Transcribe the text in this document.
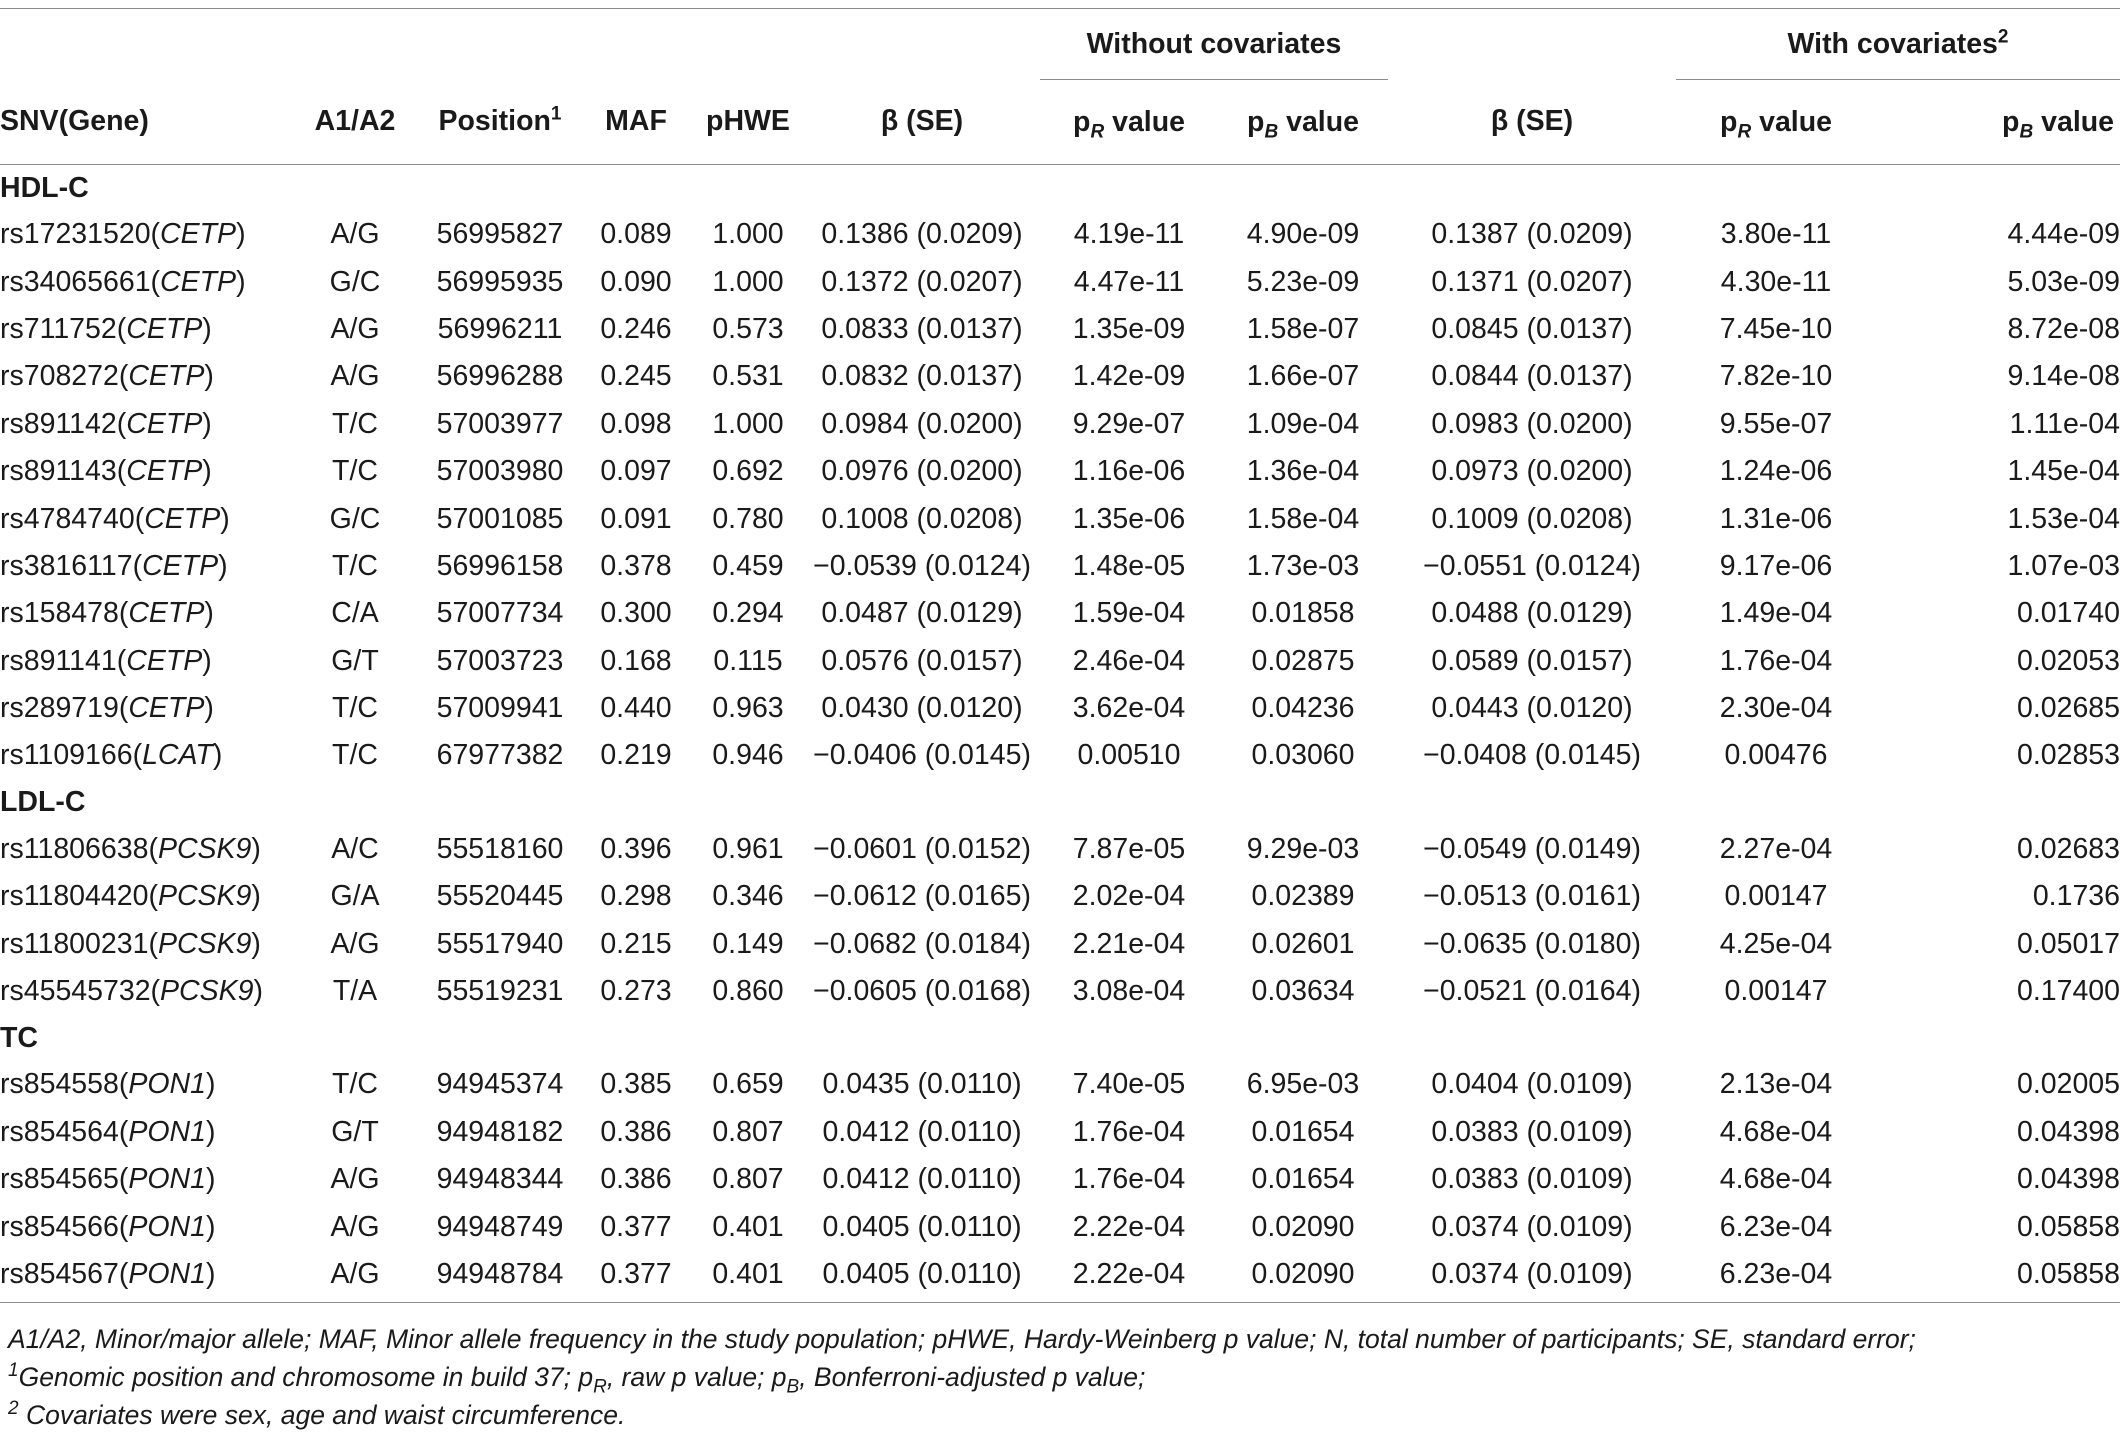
						Without covariates			With covariates$^2$
SNV(Gene)	A1/A2	Position$^1$	MAF	pHWE	β (SE)	$p_R$ value	$p_B$ value	β (SE)	$p_R$ value	$p_B$ value
HDL-C										
rs17231520(CETP)	A/G	56995827	0.089	1.000	0.1386 (0.0209)	4.19e-11	4.90e-09	0.1387 (0.0209)	3.80e-11	4.44e-09
rs34065661(CETP)	G/C	56995935	0.090	1.000	0.1372 (0.0207)	4.47e-11	5.23e-09	0.1371 (0.0207)	4.30e-11	5.03e-09
rs711752(CETP)	A/G	56996211	0.246	0.573	0.0833 (0.0137)	1.35e-09	1.58e-07	0.0845 (0.0137)	7.45e-10	8.72e-08
rs708272(CETP)	A/G	56996288	0.245	0.531	0.0832 (0.0137)	1.42e-09	1.66e-07	0.0844 (0.0137)	7.82e-10	9.14e-08
rs891142(CETP)	T/C	57003977	0.098	1.000	0.0984 (0.0200)	9.29e-07	1.09e-04	0.0983 (0.0200)	9.55e-07	1.11e-04
rs891143(CETP)	T/C	57003980	0.097	0.692	0.0976 (0.0200)	1.16e-06	1.36e-04	0.0973 (0.0200)	1.24e-06	1.45e-04
rs4784740(CETP)	G/C	57001085	0.091	0.780	0.1008 (0.0208)	1.35e-06	1.58e-04	0.1009 (0.0208)	1.31e-06	1.53e-04
rs3816117(CETP)	T/C	56996158	0.378	0.459	−0.0539 (0.0124)	1.48e-05	1.73e-03	−0.0551 (0.0124)	9.17e-06	1.07e-03
rs158478(CETP)	C/A	57007734	0.300	0.294	0.0487 (0.0129)	1.59e-04	0.01858	0.0488 (0.0129)	1.49e-04	0.01740
rs891141(CETP)	G/T	57003723	0.168	0.115	0.0576 (0.0157)	2.46e-04	0.02875	0.0589 (0.0157)	1.76e-04	0.02053
rs289719(CETP)	T/C	57009941	0.440	0.963	0.0430 (0.0120)	3.62e-04	0.04236	0.0443 (0.0120)	2.30e-04	0.02685
rs1109166(LCAT)	T/C	67977382	0.219	0.946	−0.0406 (0.0145)	0.00510	0.03060	−0.0408 (0.0145)	0.00476	0.02853
LDL-C										
rs11806638(PCSK9)	A/C	55518160	0.396	0.961	−0.0601 (0.0152)	7.87e-05	9.29e-03	−0.0549 (0.0149)	2.27e-04	0.02683
rs11804420(PCSK9)	G/A	55520445	0.298	0.346	−0.0612 (0.0165)	2.02e-04	0.02389	−0.0513 (0.0161)	0.00147	0.1736
rs11800231(PCSK9)	A/G	55517940	0.215	0.149	−0.0682 (0.0184)	2.21e-04	0.02601	−0.0635 (0.0180)	4.25e-04	0.05017
rs45545732(PCSK9)	T/A	55519231	0.273	0.860	−0.0605 (0.0168)	3.08e-04	0.03634	−0.0521 (0.0164)	0.00147	0.17400
TC										
rs854558(PON1)	T/C	94945374	0.385	0.659	0.0435 (0.0110)	7.40e-05	6.95e-03	0.0404 (0.0109)	2.13e-04	0.02005
rs854564(PON1)	G/T	94948182	0.386	0.807	0.0412 (0.0110)	1.76e-04	0.01654	0.0383 (0.0109)	4.68e-04	0.04398
rs854565(PON1)	A/G	94948344	0.386	0.807	0.0412 (0.0110)	1.76e-04	0.01654	0.0383 (0.0109)	4.68e-04	0.04398
rs854566(PON1)	A/G	94948749	0.377	0.401	0.0405 (0.0110)	2.22e-04	0.02090	0.0374 (0.0109)	6.23e-04	0.05858
rs854567(PON1)	A/G	94948784	0.377	0.401	0.0405 (0.0110)	2.22e-04	0.02090	0.0374 (0.0109)	6.23e-04	0.05858

A1/A2, Minor/major allele; MAF, Minor allele frequency in the study population; pHWE, Hardy-Weinberg p value; N, total number of participants; SE, standard error;

$^1$Genomic position and chromosome in build 37; $p_R$, raw p value; $p_B$, Bonferroni-adjusted p value;

$^2$ Covariates were sex, age and waist circumference.
